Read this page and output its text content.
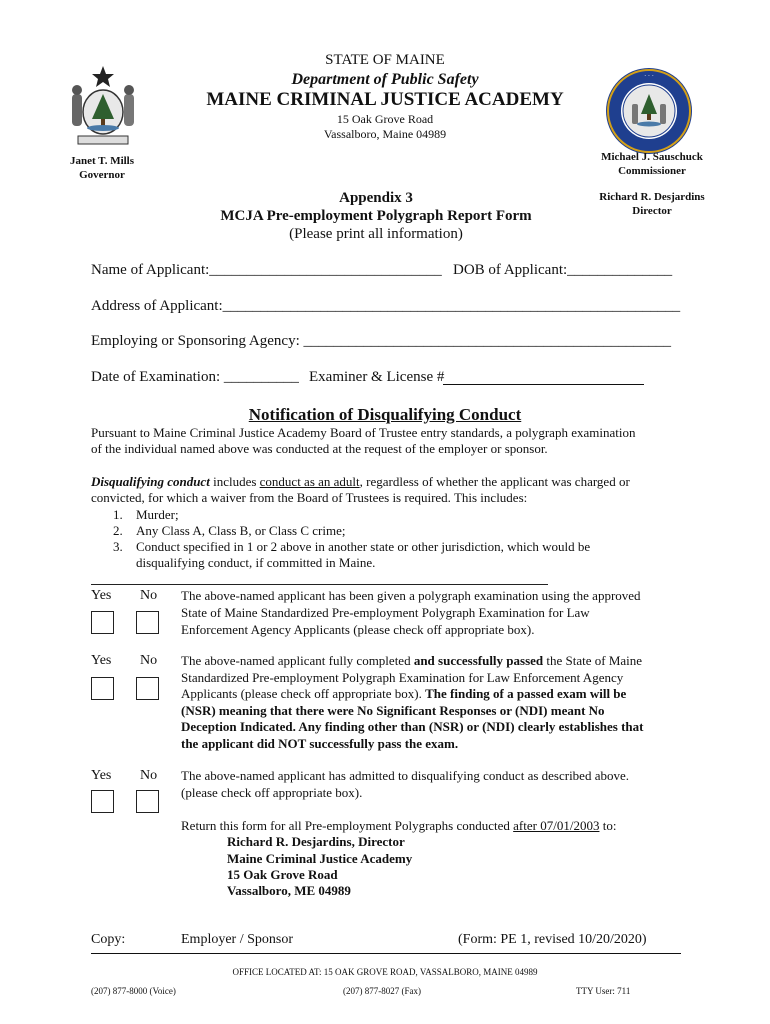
· · ·
STATE OF MAINE
Department of Public Safety
MAINE CRIMINAL JUSTICE ACADEMY
15 Oak Grove Road
Vassalboro, Maine 04989
Janet T. Mills
Governor
Michael J. Sauschuck
Commissioner
Richard R. Desjardins
Director
Appendix 3
MCJA Pre-employment Polygraph Report Form
(Please print all information)
Name of Applicant:_______________________________ DOB of Applicant:______________
Address of Applicant:_____________________________________________________________
Employing or Sponsoring Agency: _________________________________________________
Date of Examination: __________ Examiner & License #
Notification of Disqualifying Conduct
Pursuant to Maine Criminal Justice Academy Board of Trustee entry standards, a polygraph examination
of the individual named above was conducted at the request of the employer or sponsor.
Disqualifying conduct includes conduct as an adult, regardless of whether the applicant was charged or
convicted, for which a waiver from the Board of Trustees is required. This includes:
1. Murder;
2. Any Class A, Class B, or Class C crime;
3. Conduct specified in 1 or 2 above in another state or other jurisdiction, which would be
disqualifying conduct, if committed in Maine.
Yes No The above-named applicant has been given a polygraph examination using the approved
State of Maine Standardized Pre-employment Polygraph Examination for Law
Enforcement Agency Applicants (please check off appropriate box).
Yes No The above-named applicant fully completed and successfully passed the State of Maine
Standardized Pre-employment Polygraph Examination for Law Enforcement Agency
Applicants (please check off appropriate box). The finding of a passed exam will be
(NSR) meaning that there were No Significant Responses or (NDI) meant No
Deception Indicated. Any finding other than (NSR) or (NDI) clearly establishes that
the applicant did NOT successfully pass the exam.
Yes No The above-named applicant has admitted to disqualifying conduct as described above.
(please check off appropriate box).
Return this form for all Pre-employment Polygraphs conducted after 07/01/2003 to:
Richard R. Desjardins, Director
Maine Criminal Justice Academy
15 Oak Grove Road
Vassalboro, ME 04989
Copy:	Employer / Sponsor	(Form: PE 1, revised 10/20/2020)
OFFICE LOCATED AT: 15 OAK GROVE ROAD, VASSALBORO, MAINE 04989
(207) 877-8000 (Voice)	(207) 877-8027 (Fax)	TTY User: 711
